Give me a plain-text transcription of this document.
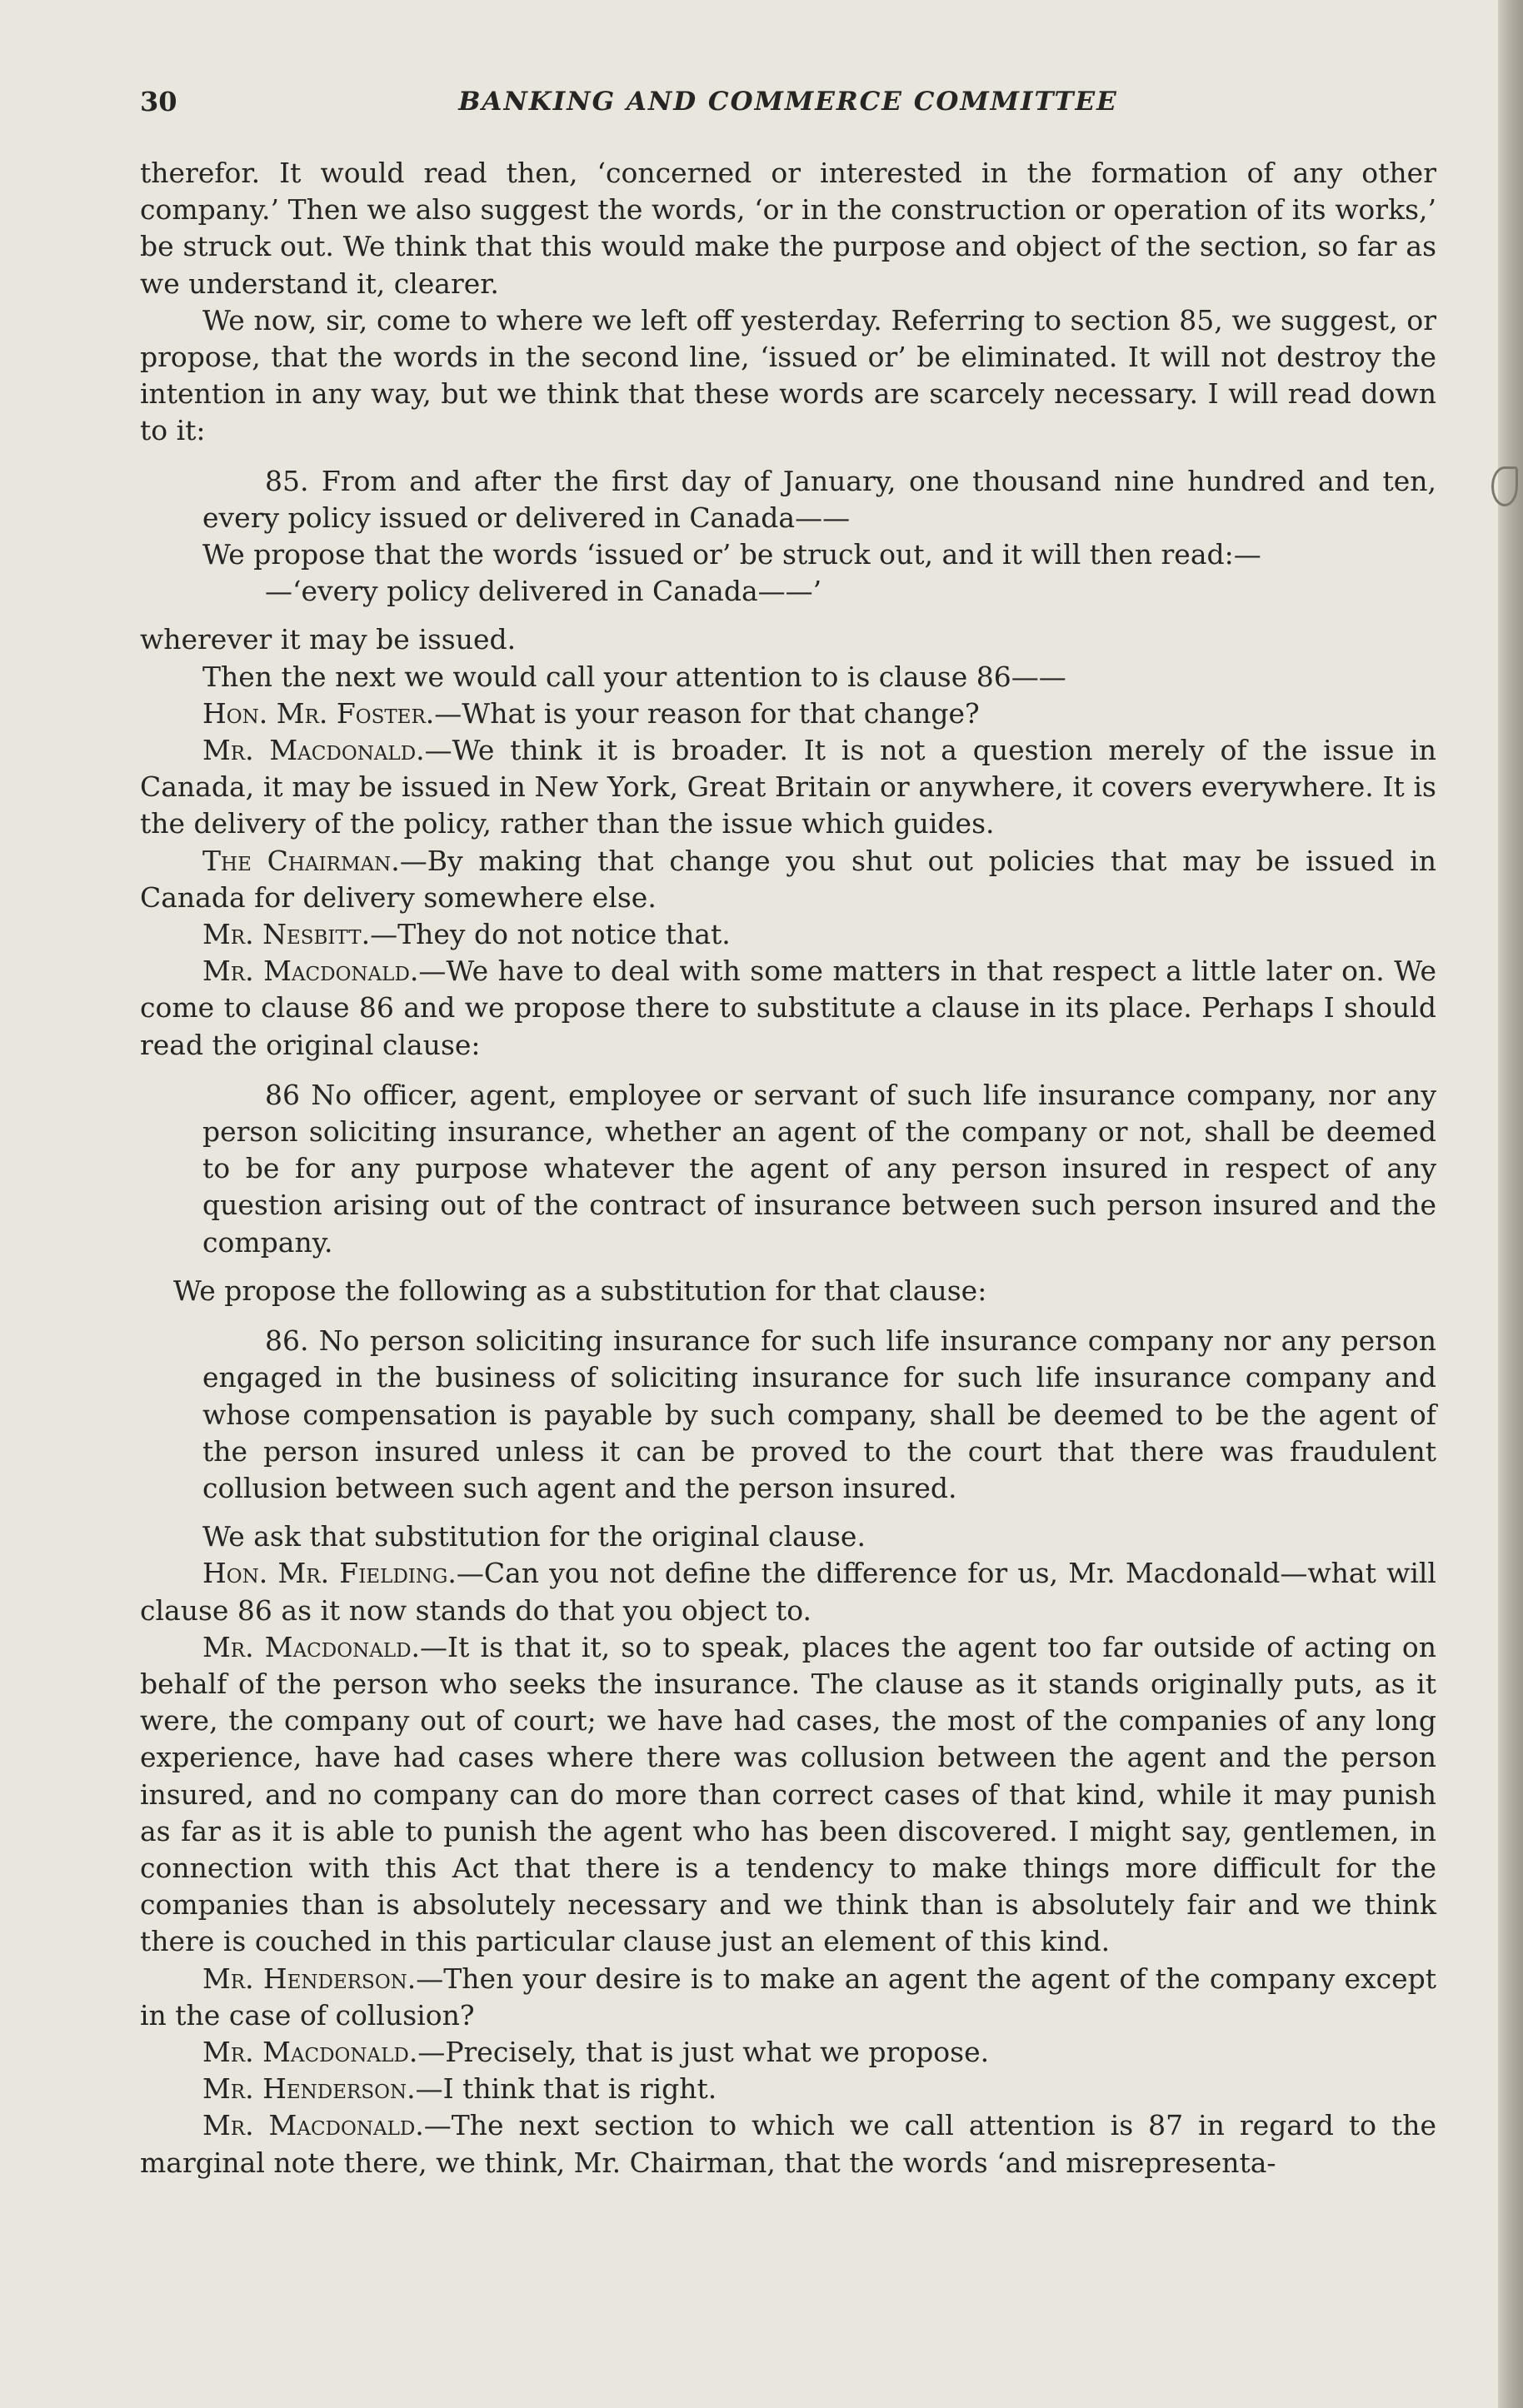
30	BANKING AND COMMERCE COMMITTEE

therefor. It would read then, ‘concerned or interested in the formation of any other company.’ Then we also suggest the words, ‘or in the construction or operation of its works,’ be struck out. We think that this would make the purpose and object of the section, so far as we understand it, clearer.

We now, sir, come to where we left off yesterday. Referring to section 85, we suggest, or propose, that the words in the second line, ‘issued or’ be eliminated. It will not destroy the intention in any way, but we think that these words are scarcely necessary. I will read down to it:

85. From and after the first day of January, one thousand nine hundred and ten, every policy issued or delivered in Canada——

We propose that the words ‘issued or’ be struck out, and it will then read:—

—‘every policy delivered in Canada——’

wherever it may be issued.

Then the next we would call your attention to is clause 86——

Hon. Mr. Foster.—What is your reason for that change?

Mr. Macdonald.—We think it is broader. It is not a question merely of the issue in Canada, it may be issued in New York, Great Britain or anywhere, it covers everywhere. It is the delivery of the policy, rather than the issue which guides.

The Chairman.—By making that change you shut out policies that may be issued in Canada for delivery somewhere else.

Mr. Nesbitt.—They do not notice that.

Mr. Macdonald.—We have to deal with some matters in that respect a little later on. We come to clause 86 and we propose there to substitute a clause in its place. Perhaps I should read the original clause:

86 No officer, agent, employee or servant of such life insurance company, nor any person soliciting insurance, whether an agent of the company or not, shall be deemed to be for any purpose whatever the agent of any person insured in respect of any question arising out of the contract of insurance between such person insured and the company.

We propose the following as a substitution for that clause:

86. No person soliciting insurance for such life insurance company nor any person engaged in the business of soliciting insurance for such life insurance company and whose compensation is payable by such company, shall be deemed to be the agent of the person insured unless it can be proved to the court that there was fraudulent collusion between such agent and the person insured.

We ask that substitution for the original clause.

Hon. Mr. Fielding.—Can you not define the difference for us, Mr. Macdonald—what will clause 86 as it now stands do that you object to.

Mr. Macdonald.—It is that it, so to speak, places the agent too far outside of acting on behalf of the person who seeks the insurance. The clause as it stands originally puts, as it were, the company out of court; we have had cases, the most of the companies of any long experience, have had cases where there was collusion between the agent and the person insured, and no company can do more than correct cases of that kind, while it may punish as far as it is able to punish the agent who has been discovered. I might say, gentlemen, in connection with this Act that there is a tendency to make things more difficult for the companies than is absolutely necessary and we think than is absolutely fair and we think there is couched in this particular clause just an element of this kind.

Mr. Henderson.—Then your desire is to make an agent the agent of the company except in the case of collusion?

Mr. Macdonald.—Precisely, that is just what we propose.

Mr. Henderson.—I think that is right.

Mr. Macdonald.—The next section to which we call attention is 87 in regard to the marginal note there, we think, Mr. Chairman, that the words ‘and misrepresenta-
